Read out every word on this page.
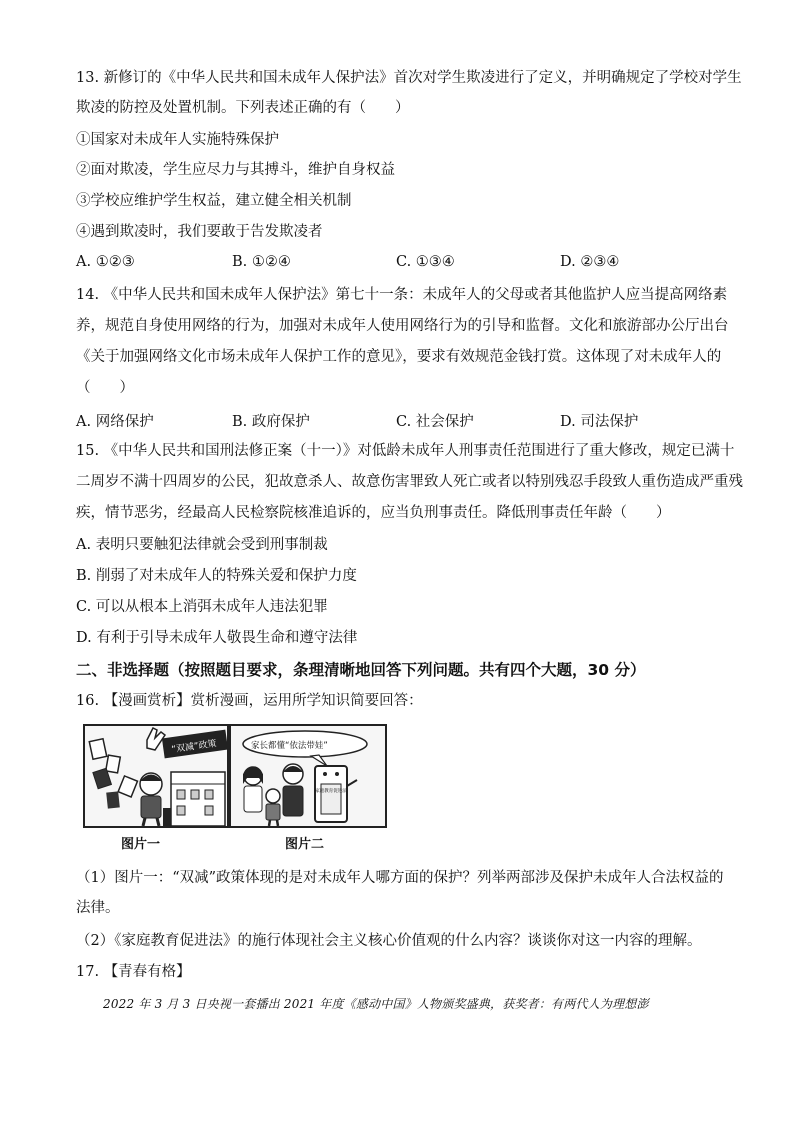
13. 新修订的《中华人民共和国未成年人保护法》首次对学生欺凌进行了定义，并明确规定了学校对学生
欺凌的防控及处置机制。下列表述正确的有（　　）
①国家对未成年人实施特殊保护
②面对欺凌，学生应尽力与其搏斗，维护自身权益
③学校应维护学生权益，建立健全相关机制
④遇到欺凌时，我们要敢于告发欺凌者
A. ①②③	B. ①②④	C. ①③④	D. ②③④
14. 《中华人民共和国未成年人保护法》第七十一条：未成年人的父母或者其他监护人应当提高网络素
养，规范自身使用网络的行为，加强对未成年人使用网络行为的引导和监督。文化和旅游部办公厅出台
《关于加强网络文化市场未成年人保护工作的意见》，要求有效规范金钱打赏。这体现了对未成年人的
（　　）
A. 网络保护	B. 政府保护	C. 社会保护	D. 司法保护
15. 《中华人民共和国刑法修正案（十一）》对低龄未成年人刑事责任范围进行了重大修改，规定已满十
二周岁不满十四周岁的公民，犯故意杀人、故意伤害罪致人死亡或者以特别残忍手段致人重伤造成严重残
疾，情节恶劣，经最高人民检察院核准追诉的，应当负刑事责任。降低刑事责任年龄（　　）
A. 表明只要触犯法律就会受到刑事制裁
B. 削弱了对未成年人的特殊关爱和保护力度
C. 可以从根本上消弭未成年人违法犯罪
D. 有利于引导未成年人敬畏生命和遵守法律
二、非选择题（按照题目要求，条理清晰地回答下列问题。共有四个大题，30 分）
16. 【漫画赏析】赏析漫画，运用所学知识简要回答：
“双减”政策	家长都懂“依法带娃”
家庭教育促进法
图片一	图片二
（1）图片一：“双减”政策体现的是对未成年人哪方面的保护？列举两部涉及保护未成年人合法权益的
法律。
（2）《家庭教育促进法》的施行体现社会主义核心价值观的什么内容？谈谈你对这一内容的理解。
17. 【青春有格】
2022 年 3 月 3 日央视一套播出 2021 年度《感动中国》人物颁奖盛典，获奖者：有两代人为理想澎
